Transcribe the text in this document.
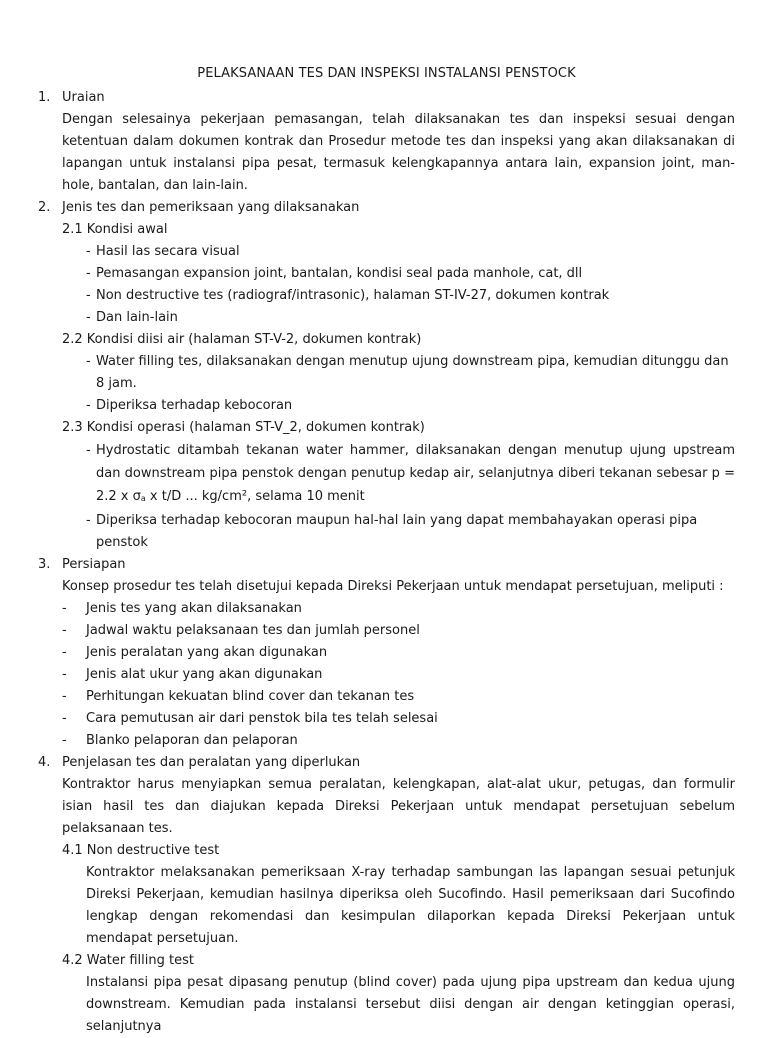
PELAKSANAAN TES DAN INSPEKSI INSTALANSI PENSTOCK
1. Uraian
Dengan selesainya pekerjaan pemasangan, telah dilaksanakan tes dan inspeksi sesuai dengan ketentuan dalam dokumen kontrak dan Prosedur metode tes dan inspeksi yang akan dilaksanakan di lapangan untuk instalansi pipa pesat, termasuk kelengkapannya antara lain, expansion joint, man-hole, bantalan, dan lain-lain.
2. Jenis tes dan pemeriksaan yang dilaksanakan
2.1 Kondisi awal
- Hasil las secara visual
- Pemasangan expansion joint, bantalan, kondisi seal pada manhole, cat, dll
- Non destructive tes (radiograf/intrasonic), halaman ST-IV-27, dokumen kontrak
- Dan lain-lain
2.2 Kondisi diisi air (halaman ST-V-2, dokumen kontrak)
- Water filling tes, dilaksanakan dengan menutup ujung downstream pipa, kemudian ditunggu dan 8 jam.
- Diperiksa terhadap kebocoran
2.3 Kondisi operasi (halaman ST-V_2, dokumen kontrak)
- Hydrostatic ditambah tekanan water hammer, dilaksanakan dengan menutup ujung upstream dan downstream pipa penstok dengan penutup kedap air, selanjutnya diberi tekanan sebesar p = 2.2 x σa x t/D ... kg/cm², selama 10 menit
- Diperiksa terhadap kebocoran maupun hal-hal lain yang dapat membahayakan operasi pipa penstok
3. Persiapan
Konsep prosedur tes telah disetujui kepada Direksi Pekerjaan untuk mendapat persetujuan, meliputi :
-	Jenis tes yang akan dilaksanakan
-	Jadwal waktu pelaksanaan tes dan jumlah personel
-	Jenis peralatan yang akan digunakan
-	Jenis alat ukur yang akan digunakan
-	Perhitungan kekuatan blind cover dan tekanan tes
-	Cara pemutusan air dari penstok bila tes telah selesai
-	Blanko pelaporan dan pelaporan
4. Penjelasan tes dan peralatan yang diperlukan
Kontraktor harus menyiapkan semua peralatan, kelengkapan, alat-alat ukur, petugas, dan formulir isian hasil tes dan diajukan kepada Direksi Pekerjaan untuk mendapat persetujuan sebelum pelaksanaan tes.
4.1 Non destructive test
Kontraktor melaksanakan pemeriksaan X-ray terhadap sambungan las lapangan sesuai petunjuk Direksi Pekerjaan, kemudian hasilnya diperiksa oleh Sucofindo. Hasil pemeriksaan dari Sucofindo lengkap dengan rekomendasi dan kesimpulan dilaporkan kepada Direksi Pekerjaan untuk mendapat persetujuan.
4.2 Water filling test
Instalansi pipa pesat dipasang penutup (blind cover) pada ujung pipa upstream dan kedua ujung downstream. Kemudian pada instalansi tersebut diisi dengan air dengan ketinggian operasi, selanjutnya
